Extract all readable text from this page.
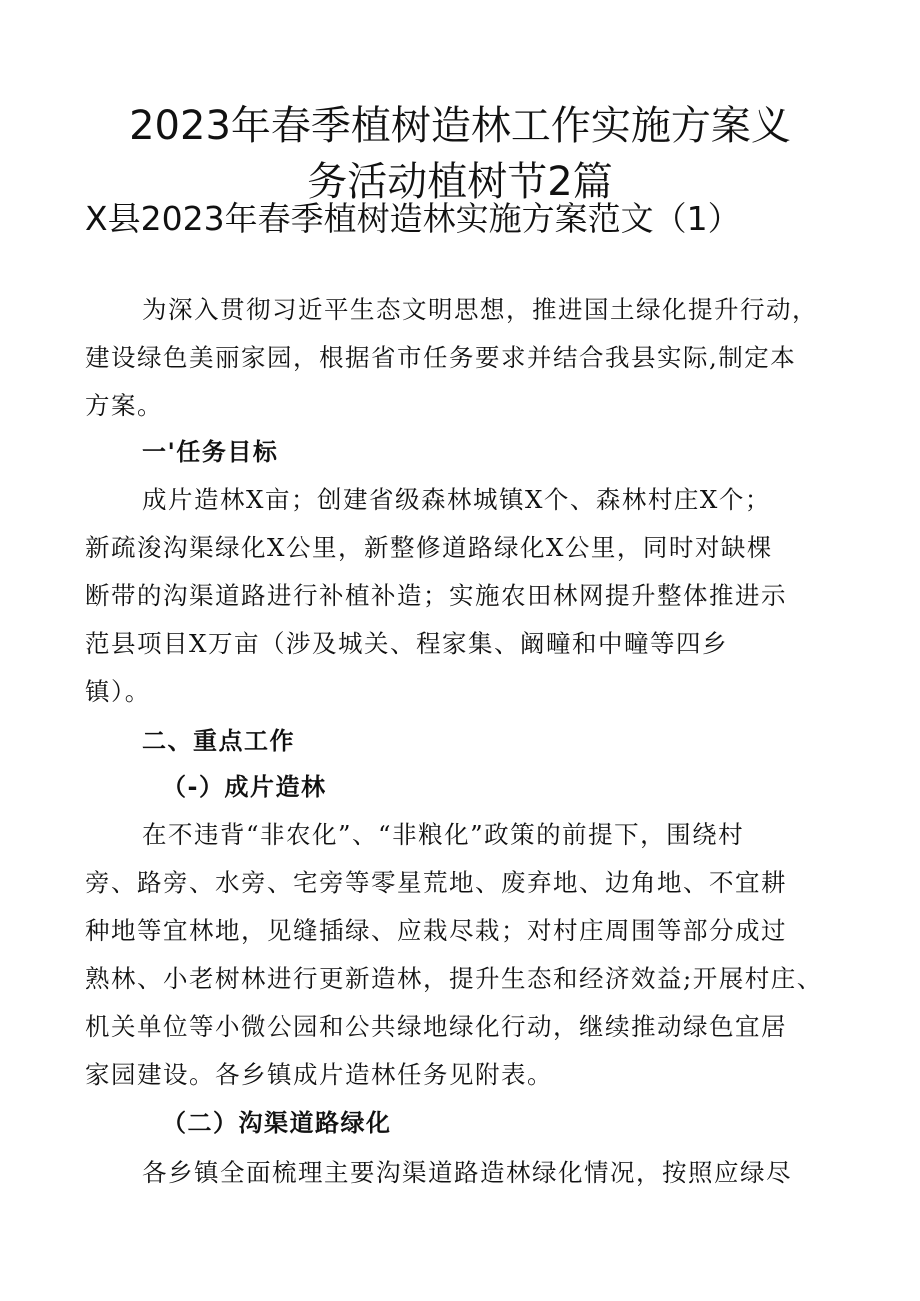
2023年春季植树造林工作实施方案义
务活动植树节2篇
X县2023年春季植树造林实施方案范文（1）

为深入贯彻习近平生态文明思想，推进国土绿化提升行动，
建设绿色美丽家园，根据省市任务要求并结合我县实际,制定本
方案。

一'任务目标

成片造林X亩；创建省级森林城镇X个、森林村庄X个；
新疏浚沟渠绿化X公里，新整修道路绿化X公里，同时对缺棵
断带的沟渠道路进行补植补造；实施农田林网提升整体推进示
范县项目X万亩（涉及城关、程家集、阚疃和中疃等四乡
镇）。

二、重点工作
（-）成片造林

在不违背“非农化”、“非粮化”政策的前提下，围绕村
旁、路旁、水旁、宅旁等零星荒地、废弃地、边角地、不宜耕
种地等宜林地，见缝插绿、应栽尽栽；对村庄周围等部分成过
熟林、小老树林进行更新造林，提升生态和经济效益;开展村庄、
机关单位等小微公园和公共绿地绿化行动，继续推动绿色宜居
家园建设。各乡镇成片造林任务见附表。

（二）沟渠道路绿化

各乡镇全面梳理主要沟渠道路造林绿化情况，按照应绿尽
